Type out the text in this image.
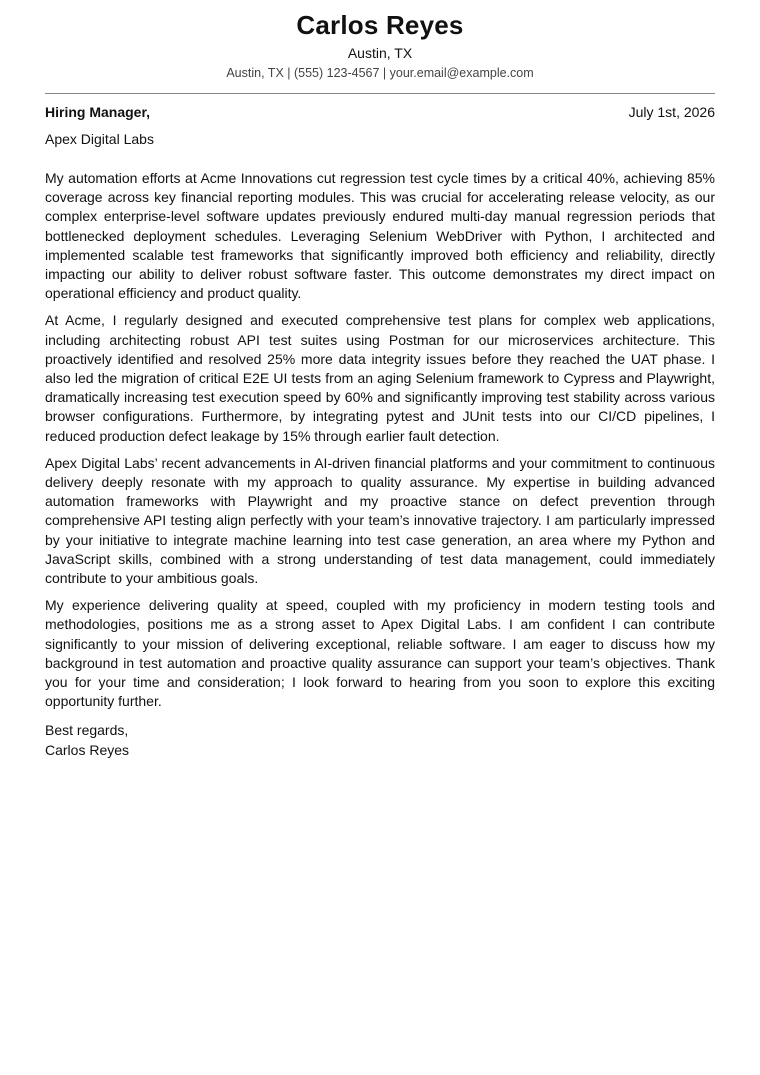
Carlos Reyes
Austin, TX
Austin, TX | (555) 123-4567 | your.email@example.com
Hiring Manager,	July 1st, 2026
Apex Digital Labs

My automation efforts at Acme Innovations cut regression test cycle times by a critical 40%, achieving 85% coverage across key financial reporting modules. This was crucial for accelerating release velocity, as our complex enterprise-level software updates previously endured multi-day manual regression periods that bottlenecked deployment schedules. Leveraging Selenium WebDriver with Python, I architected and implemented scalable test frameworks that significantly improved both efficiency and reliability, directly impacting our ability to deliver robust software faster. This outcome demonstrates my direct impact on operational efficiency and product quality.

At Acme, I regularly designed and executed comprehensive test plans for complex web applications, including architecting robust API test suites using Postman for our microservices architecture. This proactively identified and resolved 25% more data integrity issues before they reached the UAT phase. I also led the migration of critical E2E UI tests from an aging Selenium framework to Cypress and Playwright, dramatically increasing test execution speed by 60% and significantly improving test stability across various browser configurations. Furthermore, by integrating pytest and JUnit tests into our CI/CD pipelines, I reduced production defect leakage by 15% through earlier fault detection.

Apex Digital Labs’ recent advancements in AI-driven financial platforms and your commitment to continuous delivery deeply resonate with my approach to quality assurance. My expertise in building advanced automation frameworks with Playwright and my proactive stance on defect prevention through comprehensive API testing align perfectly with your team’s innovative trajectory. I am particularly impressed by your initiative to integrate machine learning into test case generation, an area where my Python and JavaScript skills, combined with a strong understanding of test data management, could immediately contribute to your ambitious goals.

My experience delivering quality at speed, coupled with my proficiency in modern testing tools and methodologies, positions me as a strong asset to Apex Digital Labs. I am confident I can contribute significantly to your mission of delivering exceptional, reliable software. I am eager to discuss how my background in test automation and proactive quality assurance can support your team’s objectives. Thank you for your time and consideration; I look forward to hearing from you soon to explore this exciting opportunity further.

Best regards,
Carlos Reyes
